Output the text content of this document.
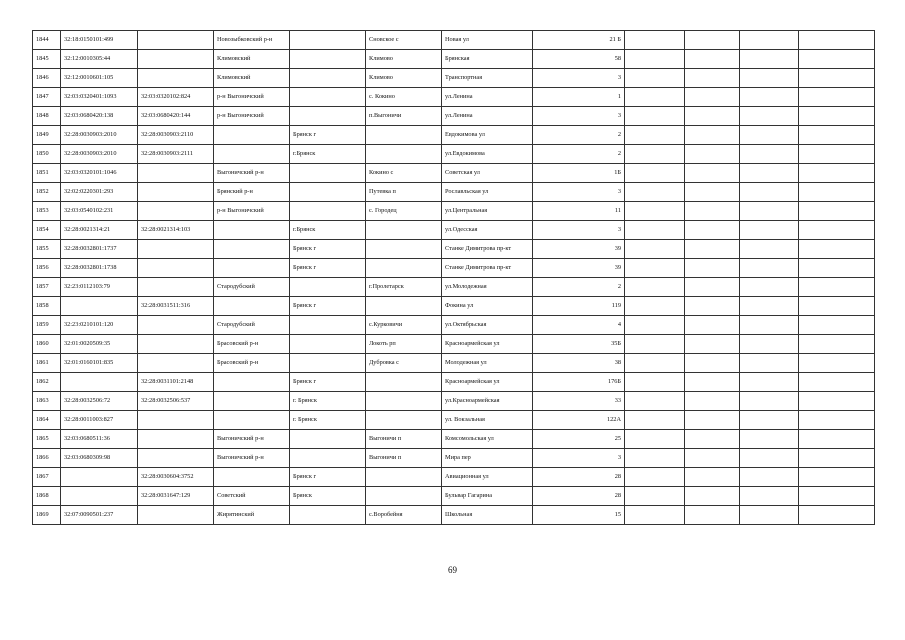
1844	32:18:0150101:499		Новозыбковский р-н		Сновское с	Новая ул	21 Б				
1845	32:12:0010305:44		Климовский		Климово	Брянская	58				
1846	32:12:0010601:105		Климовский		Климово	Транспортная	3				
1847	32:03:0320401:1093	32:03:0320102:824	р-н Выгоничский		с. Кокино	ул.Ленина	1				
1848	32:03:0680420:138	32:03:0680420:144	р-н Выгоничский		п.Выгоничи	ул.Ленина	3				
1849	32:28:0030903:2010	32:28:0030903:2110		Брянск г		Евдокимова ул	2				
1850	32:28:0030903:2010	32:28:0030903:2111		г.Брянск		ул.Евдокимова	2				
1851	32:03:0320101:1046		Выгоничский р-н		Кокино с	Советская ул	1Б				
1852	32:02:0220301:293		Брянский р-н		Путевка п	Рославльская ул	3				
1853	32:03:0540102:231		р-н Выгоничский		с. Городец	ул.Центральная	11				
1854	32:28:0021314:21	32:28:0021314:103		г.Брянск		ул.Одесская	3				
1855	32:28:0032801:1737			Брянск г		Станке Димитрова пр-кт	39				
1856	32:28:0032801:1738			Брянск г		Станке Димитрова пр-кт	39				
1857	32:23:0112103:79		Стародубский		г.Пролетарск	ул.Молодежная	2				
1858		32:28:0031511:316		Брянск г		Фокина ул	119				
1859	32:23:0210101:120		Стародубский		с.Курковичи	ул.Октябрьская	4				
1860	32:01:0020509:35		Брасовский р-н		Локоть рп	Красноармейская ул	35Б				
1861	32:01:0160101:835		Брасовский р-н		Дубровка с	Молодежная ул	38				
1862		32:28:0031101:2148		Брянск г		Красноармейская ул	176Б				
1863	32:28:0032506:72	32:28:0032506:537		г. Брянск		ул.Красноармейская	33				
1864	32:28:0011003:827			г. Брянск		ул. Вокзальная	122А				
1865	32:03:0680511:36		Выгоничский р-н		Выгоничи п	Комсомольская ул	25				
1866	32:03:0680309:98		Выгоничский р-н		Выгоничи п	Мира пер	3				
1867		32:28:0030604:3752		Брянск г		Авиационная ул	28				
1868		32:28:0031647:129	Советский	Брянск		Бульвар Гагарина	28				
1869	32:07:0090501:237		Жирятинский		с.Воробейня	Школьная	15				
69
